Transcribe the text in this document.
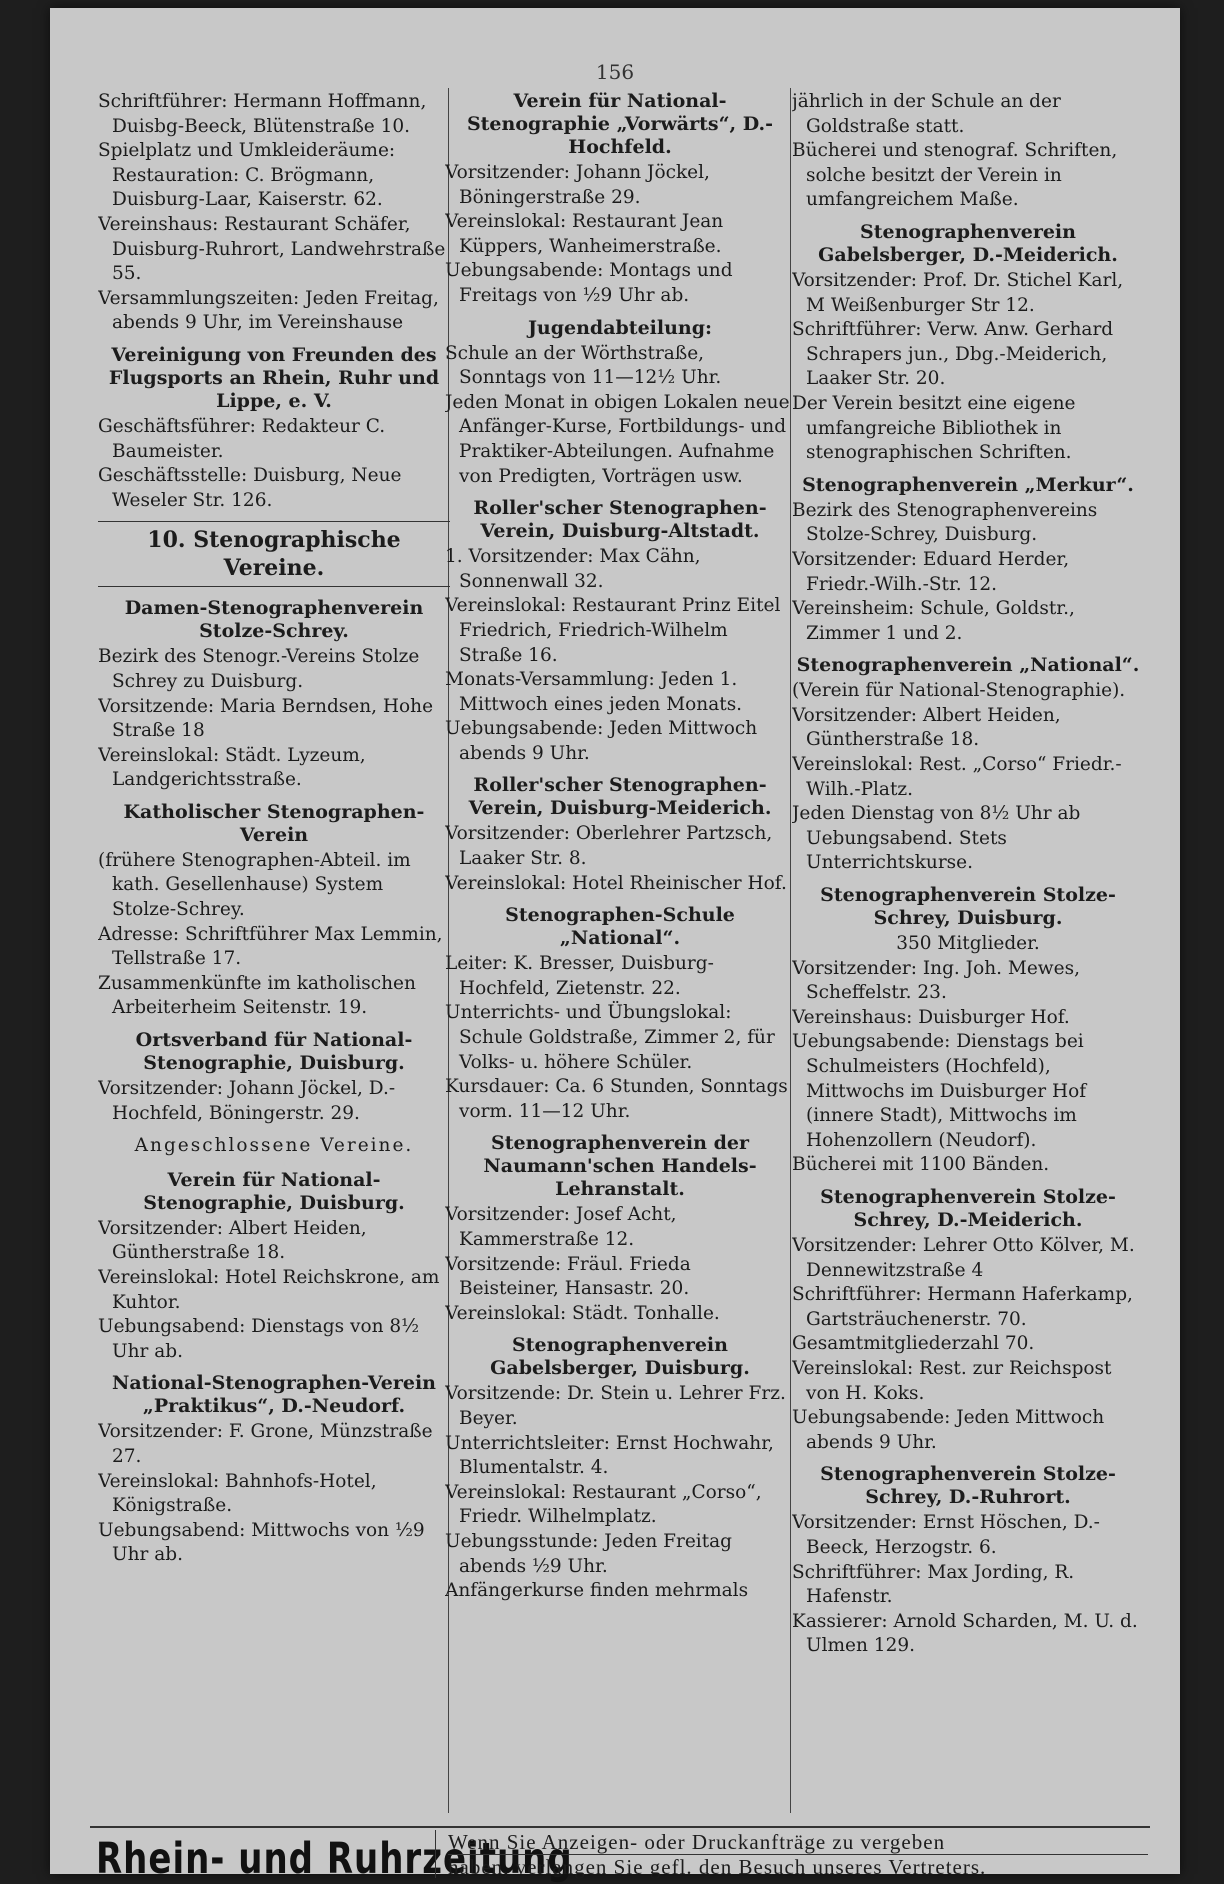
156

Schriftführer: Hermann Hoffmann, Duisbg-Beeck, Blütenstraße 10.

Spielplatz und Umkleideräume: Restauration: C. Brögmann, Duisburg-Laar, Kaiserstr. 62.

Vereinshaus: Restaurant Schäfer, Duisburg-Ruhrort, Landwehrstraße 55.

Versammlungszeiten: Jeden Freitag, abends 9 Uhr, im Vereinshause

Vereinigung von Freunden des Flugsports an Rhein, Ruhr und Lippe, e. V.

Geschäftsführer: Redakteur C. Baumeister.

Geschäftsstelle: Duisburg, Neue Weseler Str. 126.

10. Stenographische Vereine.
Damen-Stenographenverein Stolze-Schrey.

Bezirk des Stenogr.-Vereins Stolze Schrey zu Duisburg.

Vorsitzende: Maria Berndsen, Hohe Straße 18

Vereinslokal: Städt. Lyzeum, Landgerichtsstraße.

Katholischer Stenographen-Verein

(frühere Stenographen-Abteil. im kath. Gesellenhause) System Stolze-Schrey.

Adresse: Schriftführer Max Lemmin, Tellstraße 17.

Zusammenkünfte im katholischen Arbeiterheim Seitenstr. 19.

Ortsverband für National-Stenographie, Duisburg.

Vorsitzender: Johann Jöckel, D.-Hochfeld, Böningerstr. 29.

Angeschlossene Vereine.
Verein für National-Stenographie, Duisburg.

Vorsitzender: Albert Heiden, Güntherstraße 18.

Vereinslokal: Hotel Reichskrone, am Kuhtor.

Uebungsabend: Dienstags von 8½ Uhr ab.

National-Stenographen-Verein „Praktikus“, D.-Neudorf.

Vorsitzender: F. Grone, Münzstraße 27.

Vereinslokal: Bahnhofs-Hotel, Königstraße.

Uebungsabend: Mittwochs von ½9 Uhr ab.

Verein für National-Stenographie „Vorwärts“, D.-Hochfeld.

Vorsitzender: Johann Jöckel, Böningerstraße 29.

Vereinslokal: Restaurant Jean Küppers, Wanheimerstraße.

Uebungsabende: Montags und Freitags von ½9 Uhr ab.

Jugendabteilung:

Schule an der Wörthstraße, Sonntags von 11—12½ Uhr.

Jeden Monat in obigen Lokalen neue Anfänger-Kurse, Fortbildungs- und Praktiker-Abteilungen. Aufnahme von Predigten, Vorträgen usw.

Roller'scher Stenographen-Verein, Duisburg-Altstadt.

1. Vorsitzender: Max Cähn, Sonnenwall 32.

Vereinslokal: Restaurant Prinz Eitel Friedrich, Friedrich-Wilhelm Straße 16.

Monats-Versammlung: Jeden 1. Mittwoch eines jeden Monats.

Uebungsabende: Jeden Mittwoch abends 9 Uhr.

Roller'scher Stenographen-Verein, Duisburg-Meiderich.

Vorsitzender: Oberlehrer Partzsch, Laaker Str. 8.

Vereinslokal: Hotel Rheinischer Hof.

Stenographen-Schule „National“.

Leiter: K. Bresser, Duisburg-Hochfeld, Zietenstr. 22.

Unterrichts- und Übungslokal: Schule Goldstraße, Zimmer 2, für Volks- u. höhere Schüler.

Kursdauer: Ca. 6 Stunden, Sonntags vorm. 11—12 Uhr.

Stenographenverein der Naumann'schen Handels-Lehranstalt.

Vorsitzender: Josef Acht, Kammerstraße 12.

Vorsitzende: Fräul. Frieda Beisteiner, Hansastr. 20.

Vereinslokal: Städt. Tonhalle.

Stenographenverein Gabelsberger, Duisburg.

Vorsitzende: Dr. Stein u. Lehrer Frz. Beyer.

Unterrichtsleiter: Ernst Hochwahr, Blumentalstr. 4.

Vereinslokal: Restaurant „Corso“, Friedr. Wilhelmplatz.

Uebungsstunde: Jeden Freitag abends ½9 Uhr.

Anfängerkurse finden mehrmals

jährlich in der Schule an der Goldstraße statt.

Bücherei und stenograf. Schriften, solche besitzt der Verein in umfangreichem Maße.

Stenographenverein Gabelsberger, D.-Meiderich.

Vorsitzender: Prof. Dr. Stichel Karl, M Weißenburger Str 12.

Schriftführer: Verw. Anw. Gerhard Schrapers jun., Dbg.-Meiderich, Laaker Str. 20.

Der Verein besitzt eine eigene umfangreiche Bibliothek in stenographischen Schriften.

Stenographenverein „Merkur“.

Bezirk des Stenographenvereins Stolze-Schrey, Duisburg.

Vorsitzender: Eduard Herder, Friedr.-Wilh.-Str. 12.

Vereinsheim: Schule, Goldstr., Zimmer 1 und 2.

Stenographenverein „National“.

(Verein für National-Stenographie).

Vorsitzender: Albert Heiden, Güntherstraße 18.

Vereinslokal: Rest. „Corso“ Friedr.-Wilh.-Platz.

Jeden Dienstag von 8½ Uhr ab Uebungsabend. Stets Unterrichtskurse.

Stenographenverein Stolze-Schrey, Duisburg.

350 Mitglieder.

Vorsitzender: Ing. Joh. Mewes, Scheffelstr. 23.

Vereinshaus: Duisburger Hof.

Uebungsabende: Dienstags bei Schulmeisters (Hochfeld), Mittwochs im Duisburger Hof (innere Stadt), Mittwochs im Hohenzollern (Neudorf).

Bücherei mit 1100 Bänden.

Stenographenverein Stolze-Schrey, D.-Meiderich.

Vorsitzender: Lehrer Otto Kölver, M. Dennewitzstraße 4

Schriftführer: Hermann Haferkamp, Gartsträuchenerstr. 70.

Gesamtmitgliederzahl 70.

Vereinslokal: Rest. zur Reichspost von H. Koks.

Uebungsabende: Jeden Mittwoch abends 9 Uhr.

Stenographenverein Stolze-Schrey, D.-Ruhrort.

Vorsitzender: Ernst Höschen, D.-Beeck, Herzogstr. 6.

Schriftführer: Max Jording, R. Hafenstr.

Kassierer: Arnold Scharden, M. U. d. Ulmen 129.

Rhein- und Ruhrzeitung
Wenn Sie Anzeigen- oder Druckanfträge zu vergeben
haben, verlangen Sie gefl. den Besuch unseres Vertreters.
